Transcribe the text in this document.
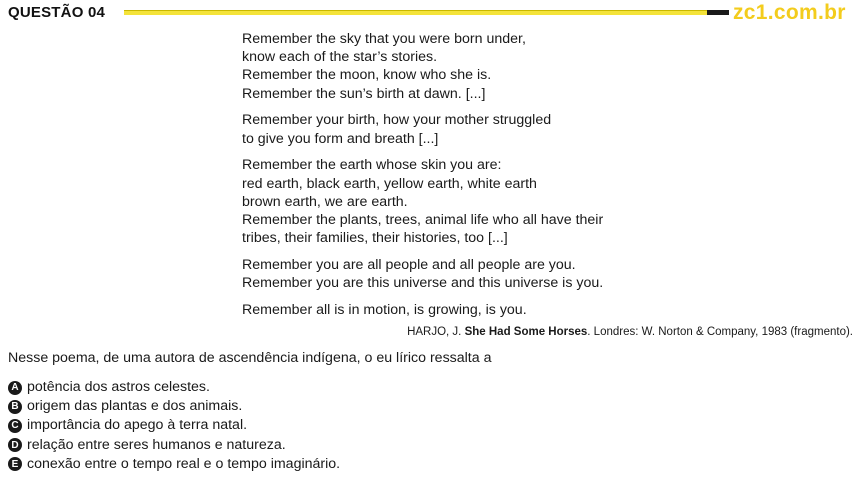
QUESTÃO 04	zc1.com.br
Remember the sky that you were born under,
know each of the star’s stories.
Remember the moon, know who she is.
Remember the sun’s birth at dawn. [...]
Remember your birth, how your mother struggled
to give you form and breath [...]
Remember the earth whose skin you are:
red earth, black earth, yellow earth, white earth
brown earth, we are earth.
Remember the plants, trees, animal life who all have their
tribes, their families, their histories, too [...]
Remember you are all people and all people are you.
Remember you are this universe and this universe is you.
Remember all is in motion, is growing, is you.
HARJO, J. She Had Some Horses. Londres: W. Norton & Company, 1983 (fragmento).
Nesse poema, de uma autora de ascendência indígena, o eu lírico ressalta a
A potência dos astros celestes.
B origem das plantas e dos animais.
C importância do apego à terra natal.
D relação entre seres humanos e natureza.
E conexão entre o tempo real e o tempo imaginário.
